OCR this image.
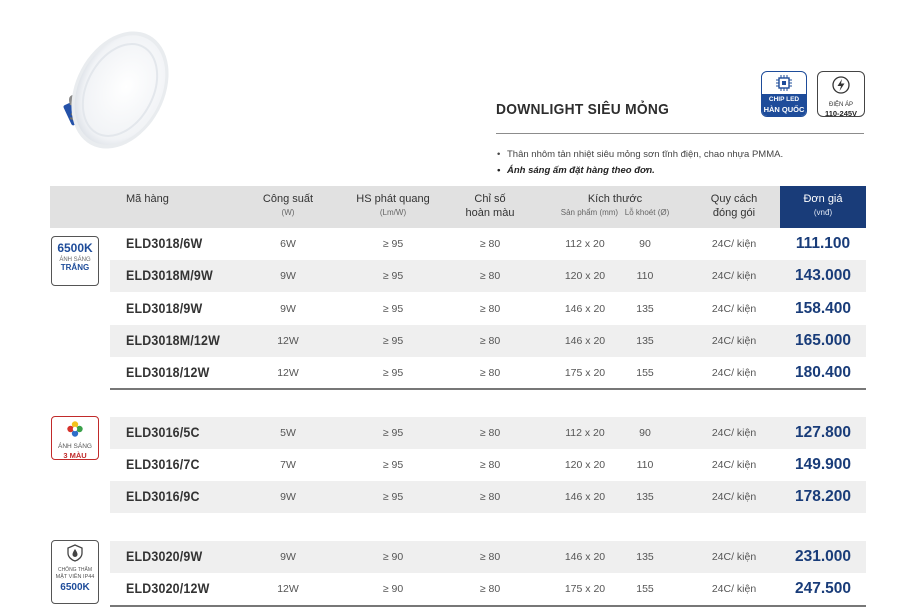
DOWNLIGHT SIÊU MỎNG
CHIP LED
HÀN QUỐC	ĐIỆN ÁP
110-245V
• Thân nhôm tản nhiệt siêu mỏng sơn tĩnh điện, chao nhựa PMMA.
• Ánh sáng ấm đặt hàng theo đơn.
Mã hàng	Công suất
(W)
HS phát quang
(Lm/W)
Chỉ số
hoàn màu
Kích thước
Sản phẩm (mm) Lỗ khoét (Ø)
Quy cách
đóng gói
Đơn giá
(vnđ)
6500K
ÁNH SÁNG
TRẮNG
ÁNH SÁNG
3 MÀU
CHỐNG THẤM
MẶT VIỀN IP44
6500K
ELD3018/6W	6W	≥ 95	≥ 80	112 x 20	90	24C/ kiện	111.100
ELD3018M/9W	9W	≥ 95	≥ 80	120 x 20	110	24C/ kiện	143.000
ELD3018/9W	9W	≥ 95	≥ 80	146 x 20	135	24C/ kiện	158.400
ELD3018M/12W	12W	≥ 95	≥ 80	146 x 20	135	24C/ kiện	165.000
ELD3018/12W	12W	≥ 95	≥ 80	175 x 20	155	24C/ kiện	180.400
ELD3016/5C	5W	≥ 95	≥ 80	112 x 20	90	24C/ kiện	127.800
ELD3016/7C	7W	≥ 95	≥ 80	120 x 20	110	24C/ kiện	149.900
ELD3016/9C	9W	≥ 95	≥ 80	146 x 20	135	24C/ kiện	178.200
ELD3020/9W	9W	≥ 90	≥ 80	146 x 20	135	24C/ kiện	231.000
ELD3020/12W	12W	≥ 90	≥ 80	175 x 20	155	24C/ kiện	247.500
